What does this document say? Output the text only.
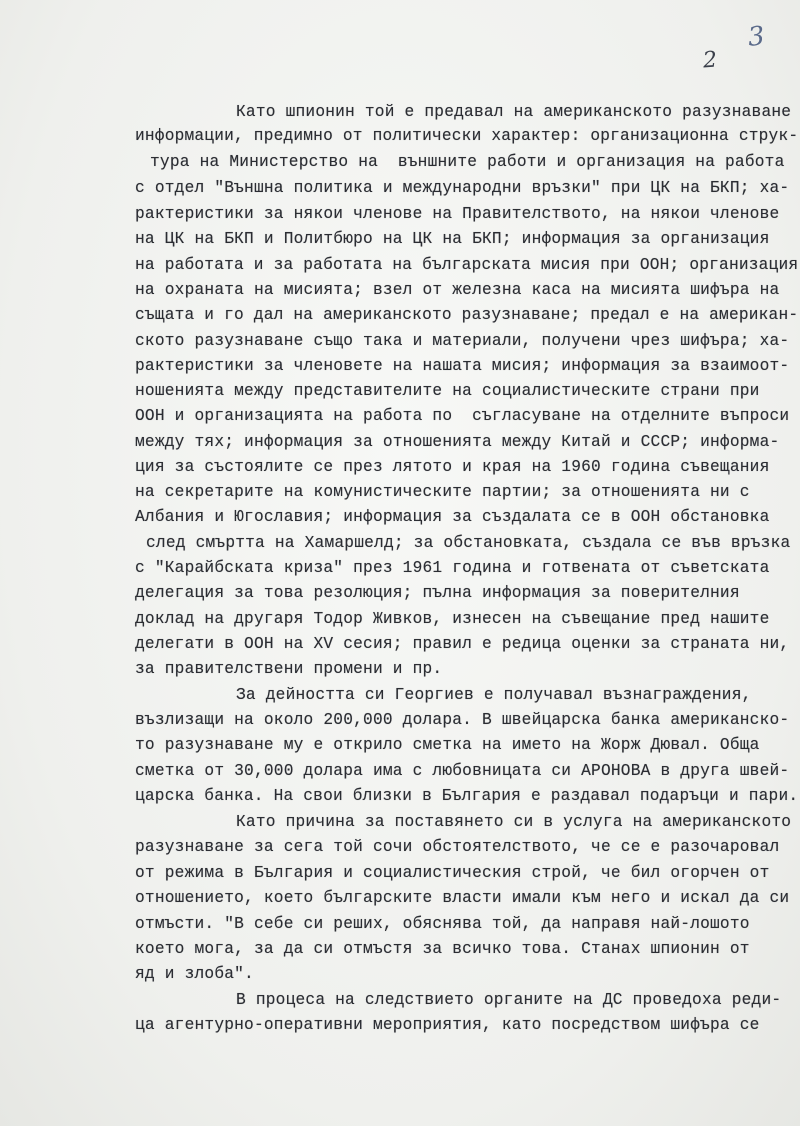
3
2
Като шпионин той е предавал на американското разузнаване
информации, предимно от политически характер: организационна струк-
тура на Министерство на  външните работи и организация на работа
с отдел "Външна политика и международни връзки" при ЦК на БКП; ха-
рактеристики за някои членове на Правителството, на някои членове
на ЦК на БКП и Политбюро на ЦК на БКП; информация за организация
на работата и за работата на българската мисия при ООН; организация
на охраната на мисията; взел от железна каса на мисията шифъра на
същата и го дал на американското разузнаване; предал е на американ-
ското разузнаване също така и материали, получени чрез шифъра; ха-
рактеристики за членовете на нашата мисия; информация за взаимоот-
ношенията между представителите на социалистическите страни при
ООН и организацията на работа по  съгласуване на отделните въпроси
между тях; информация за отношенията между Китай и СССР; информа-
ция за състоялите се през лятото и края на 1960 година съвещания
на секретарите на комунистическите партии; за отношенията ни с
Албания и Югославия; информация за създалата се в ООН обстановка
след смъртта на Хамаршелд; за обстановката, създала се във връзка
с "Карайбската криза" през 1961 година и готвената от съветската
делегация за това резолюция; пълна информация за поверителния
доклад на другаря Тодор Живков, изнесен на съвещание пред нашите
делегати в ООН на ХV сесия; правил е редица оценки за страната ни,
за правителствени промени и пр.
За дейността си Георгиев е получавал възнаграждения,
възлизащи на около 200,000 долара. В швейцарска банка американско-
то разузнаване му е открило сметка на името на Жорж Дювал. Обща
сметка от 30,000 долара има с любовницата си АРОНОВА в друга швей-
царска банка. На свои близки в България е раздавал подаръци и пари.
Като причина за поставянето си в услуга на американското
разузнаване за сега той сочи обстоятелството, че се е разочаровал
от режима в България и социалистическия строй, че бил огорчен от
отношението, което българските власти имали към него и искал да си
отмъсти. "В себе си реших, обяснява той, да направя най-лошото
което мога, за да си отмъстя за всичко това. Станах шпионин от
яд и злоба".
В процеса на следствието органите на ДС проведоха реди-
ца агентурно-оперативни мероприятия, като посредством шифъра се
